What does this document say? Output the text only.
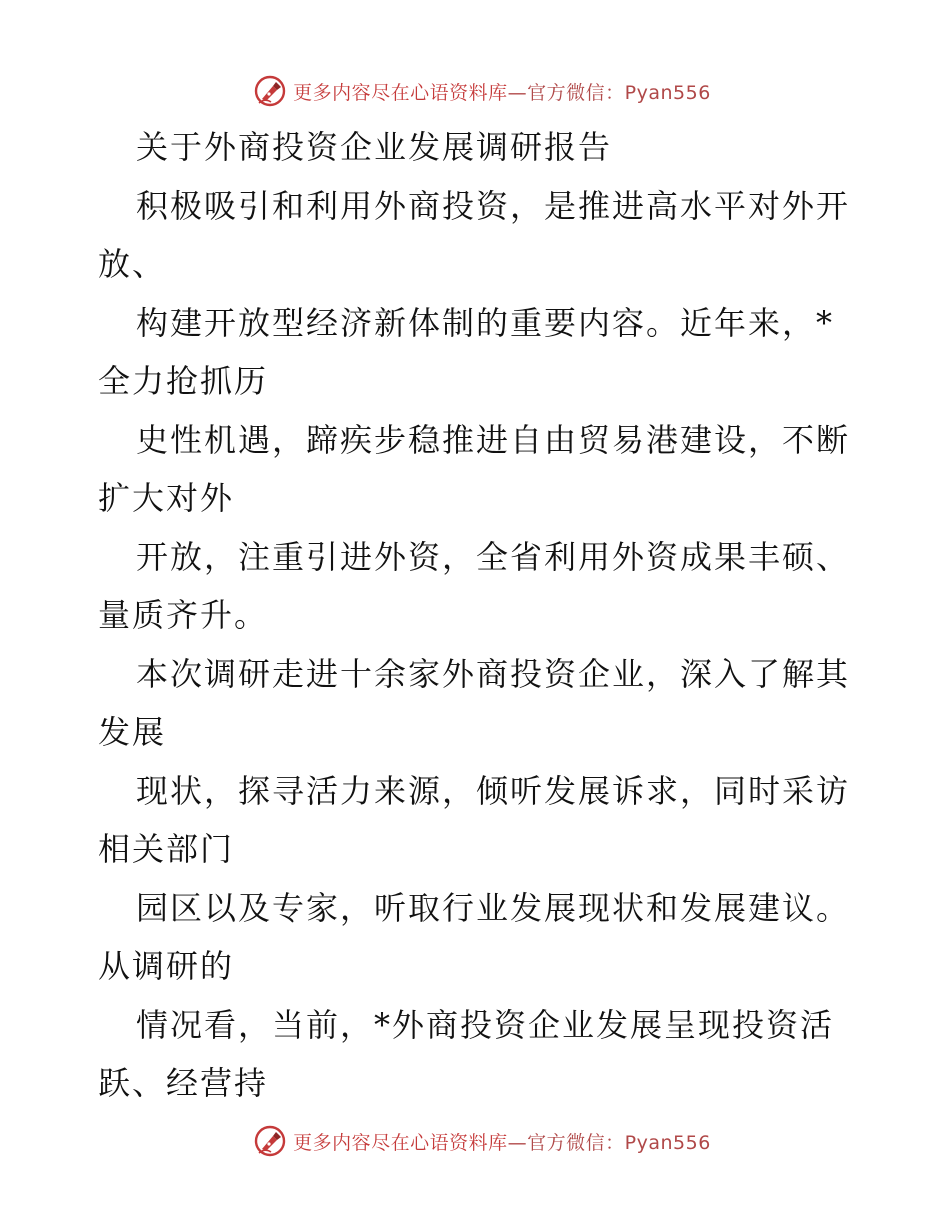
更多内容尽在心语资料库—官方微信：Pyan556
关于外商投资企业发展调研报告
积极吸引和利用外商投资，是推进高水平对外开
放、
构建开放型经济新体制的重要内容。近年来，*
全力抢抓历
史性机遇，蹄疾步稳推进自由贸易港建设，不断
扩大对外
开放，注重引进外资，全省利用外资成果丰硕、
量质齐升。
本次调研走进十余家外商投资企业，深入了解其
发展
现状，探寻活力来源，倾听发展诉求，同时采访
相关部门
园区以及专家，听取行业发展现状和发展建议。
从调研的
情况看，当前，*外商投资企业发展呈现投资活
跃、经营持
更多内容尽在心语资料库—官方微信：Pyan556
